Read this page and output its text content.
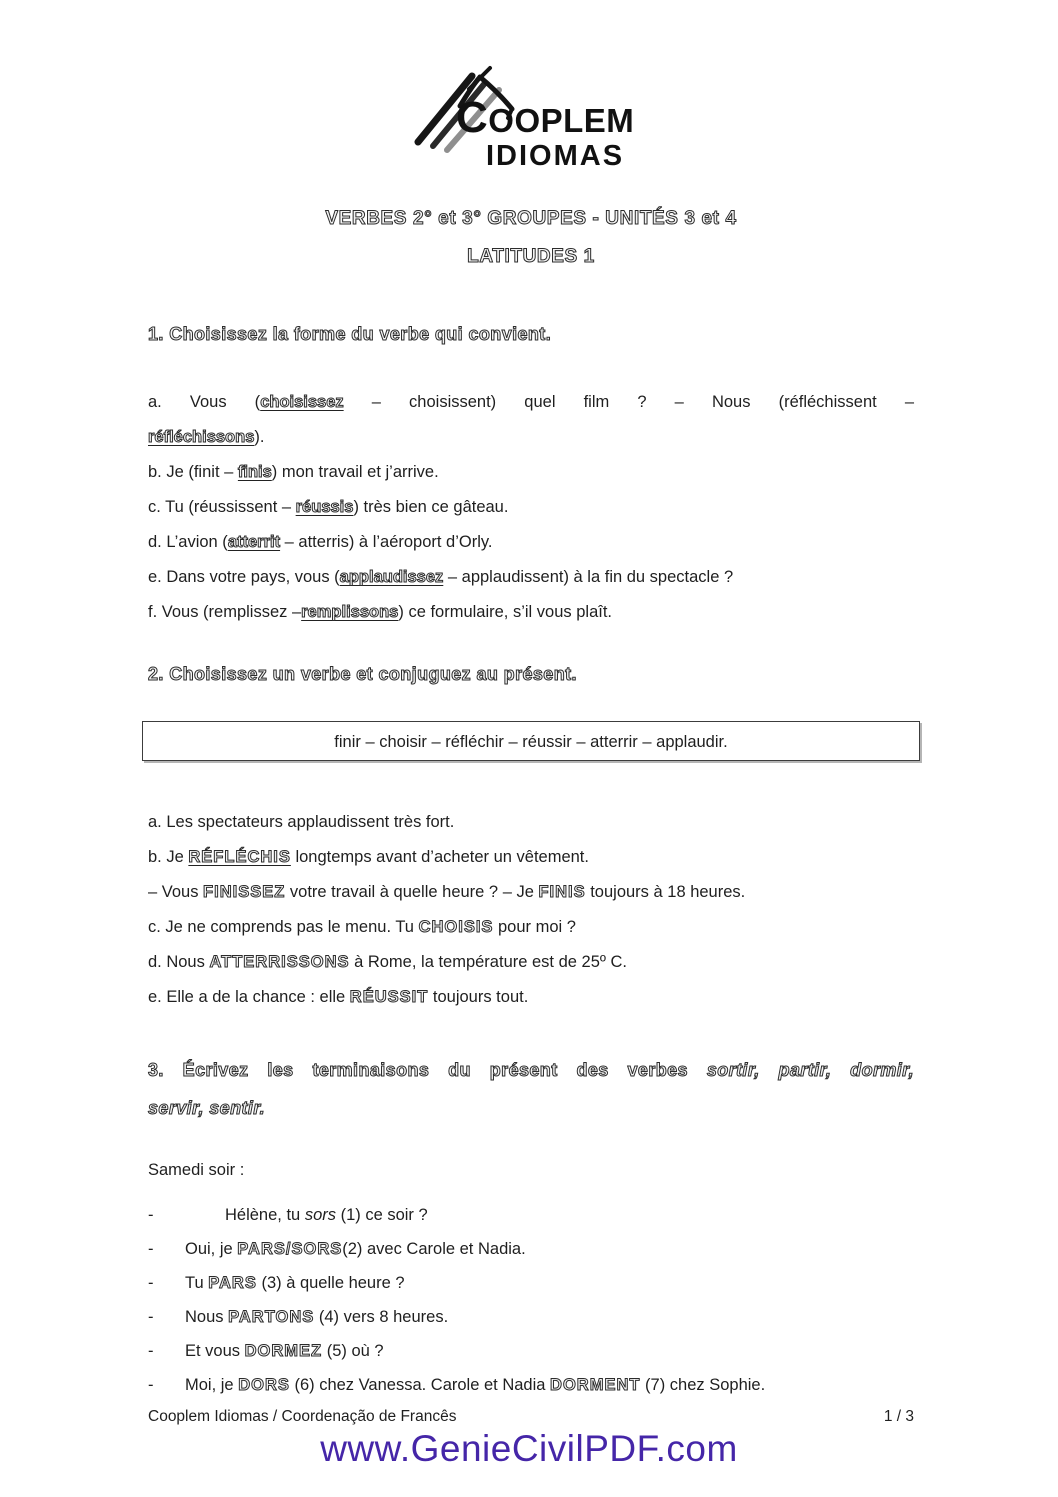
COOPLEM
IDIOMAS
VERBES 2° et 3° GROUPES - UNITÉS 3 et 4
LATITUDES 1
1. Choisissez la forme du verbe qui convient.
a. Vous (choisissez – choisissent) quel film ? – Nous (réfléchissent –
réfléchissons).
b. Je (finit – finis) mon travail et j’arrive.
c. Tu (réussissent – réussis) très bien ce gâteau.
d. L’avion (atterrit – atterris) à l’aéroport d’Orly.
e. Dans votre pays, vous (applaudissez – applaudissent) à la fin du spectacle ?
f. Vous (remplissez –remplissons) ce formulaire, s’il vous plaît.
2. Choisissez un verbe et conjuguez au présent.
finir – choisir – réfléchir – réussir – atterrir – applaudir.
a. Les spectateurs applaudissent très fort.
b. Je RÉFLÉCHIS longtemps avant d’acheter un vêtement.
– Vous FINISSEZ votre travail à quelle heure ? – Je FINIS toujours à 18 heures.
c. Je ne comprends pas le menu. Tu CHOISIS pour moi ?
d. Nous ATTERRISSONS à Rome, la température est de 25º C.
e. Elle a de la chance : elle RÉUSSIT toujours tout.
3. Écrivez les terminaisons du présent des verbes sortir, partir, dormir,
servir, sentir.
Samedi soir :
-	Hélène, tu sors (1) ce soir ?
-	Oui, je PARS/SORS(2) avec Carole et Nadia.
-	Tu PARS (3) à quelle heure ?
-	Nous PARTONS (4) vers 8 heures.
-	Et vous DORMEZ (5) où ?
-	Moi, je DORS (6) chez Vanessa. Carole et Nadia DORMENT (7) chez Sophie.
Cooplem Idiomas / Coordenação de Francês	1 / 3
www.GenieCivilPDF.com
